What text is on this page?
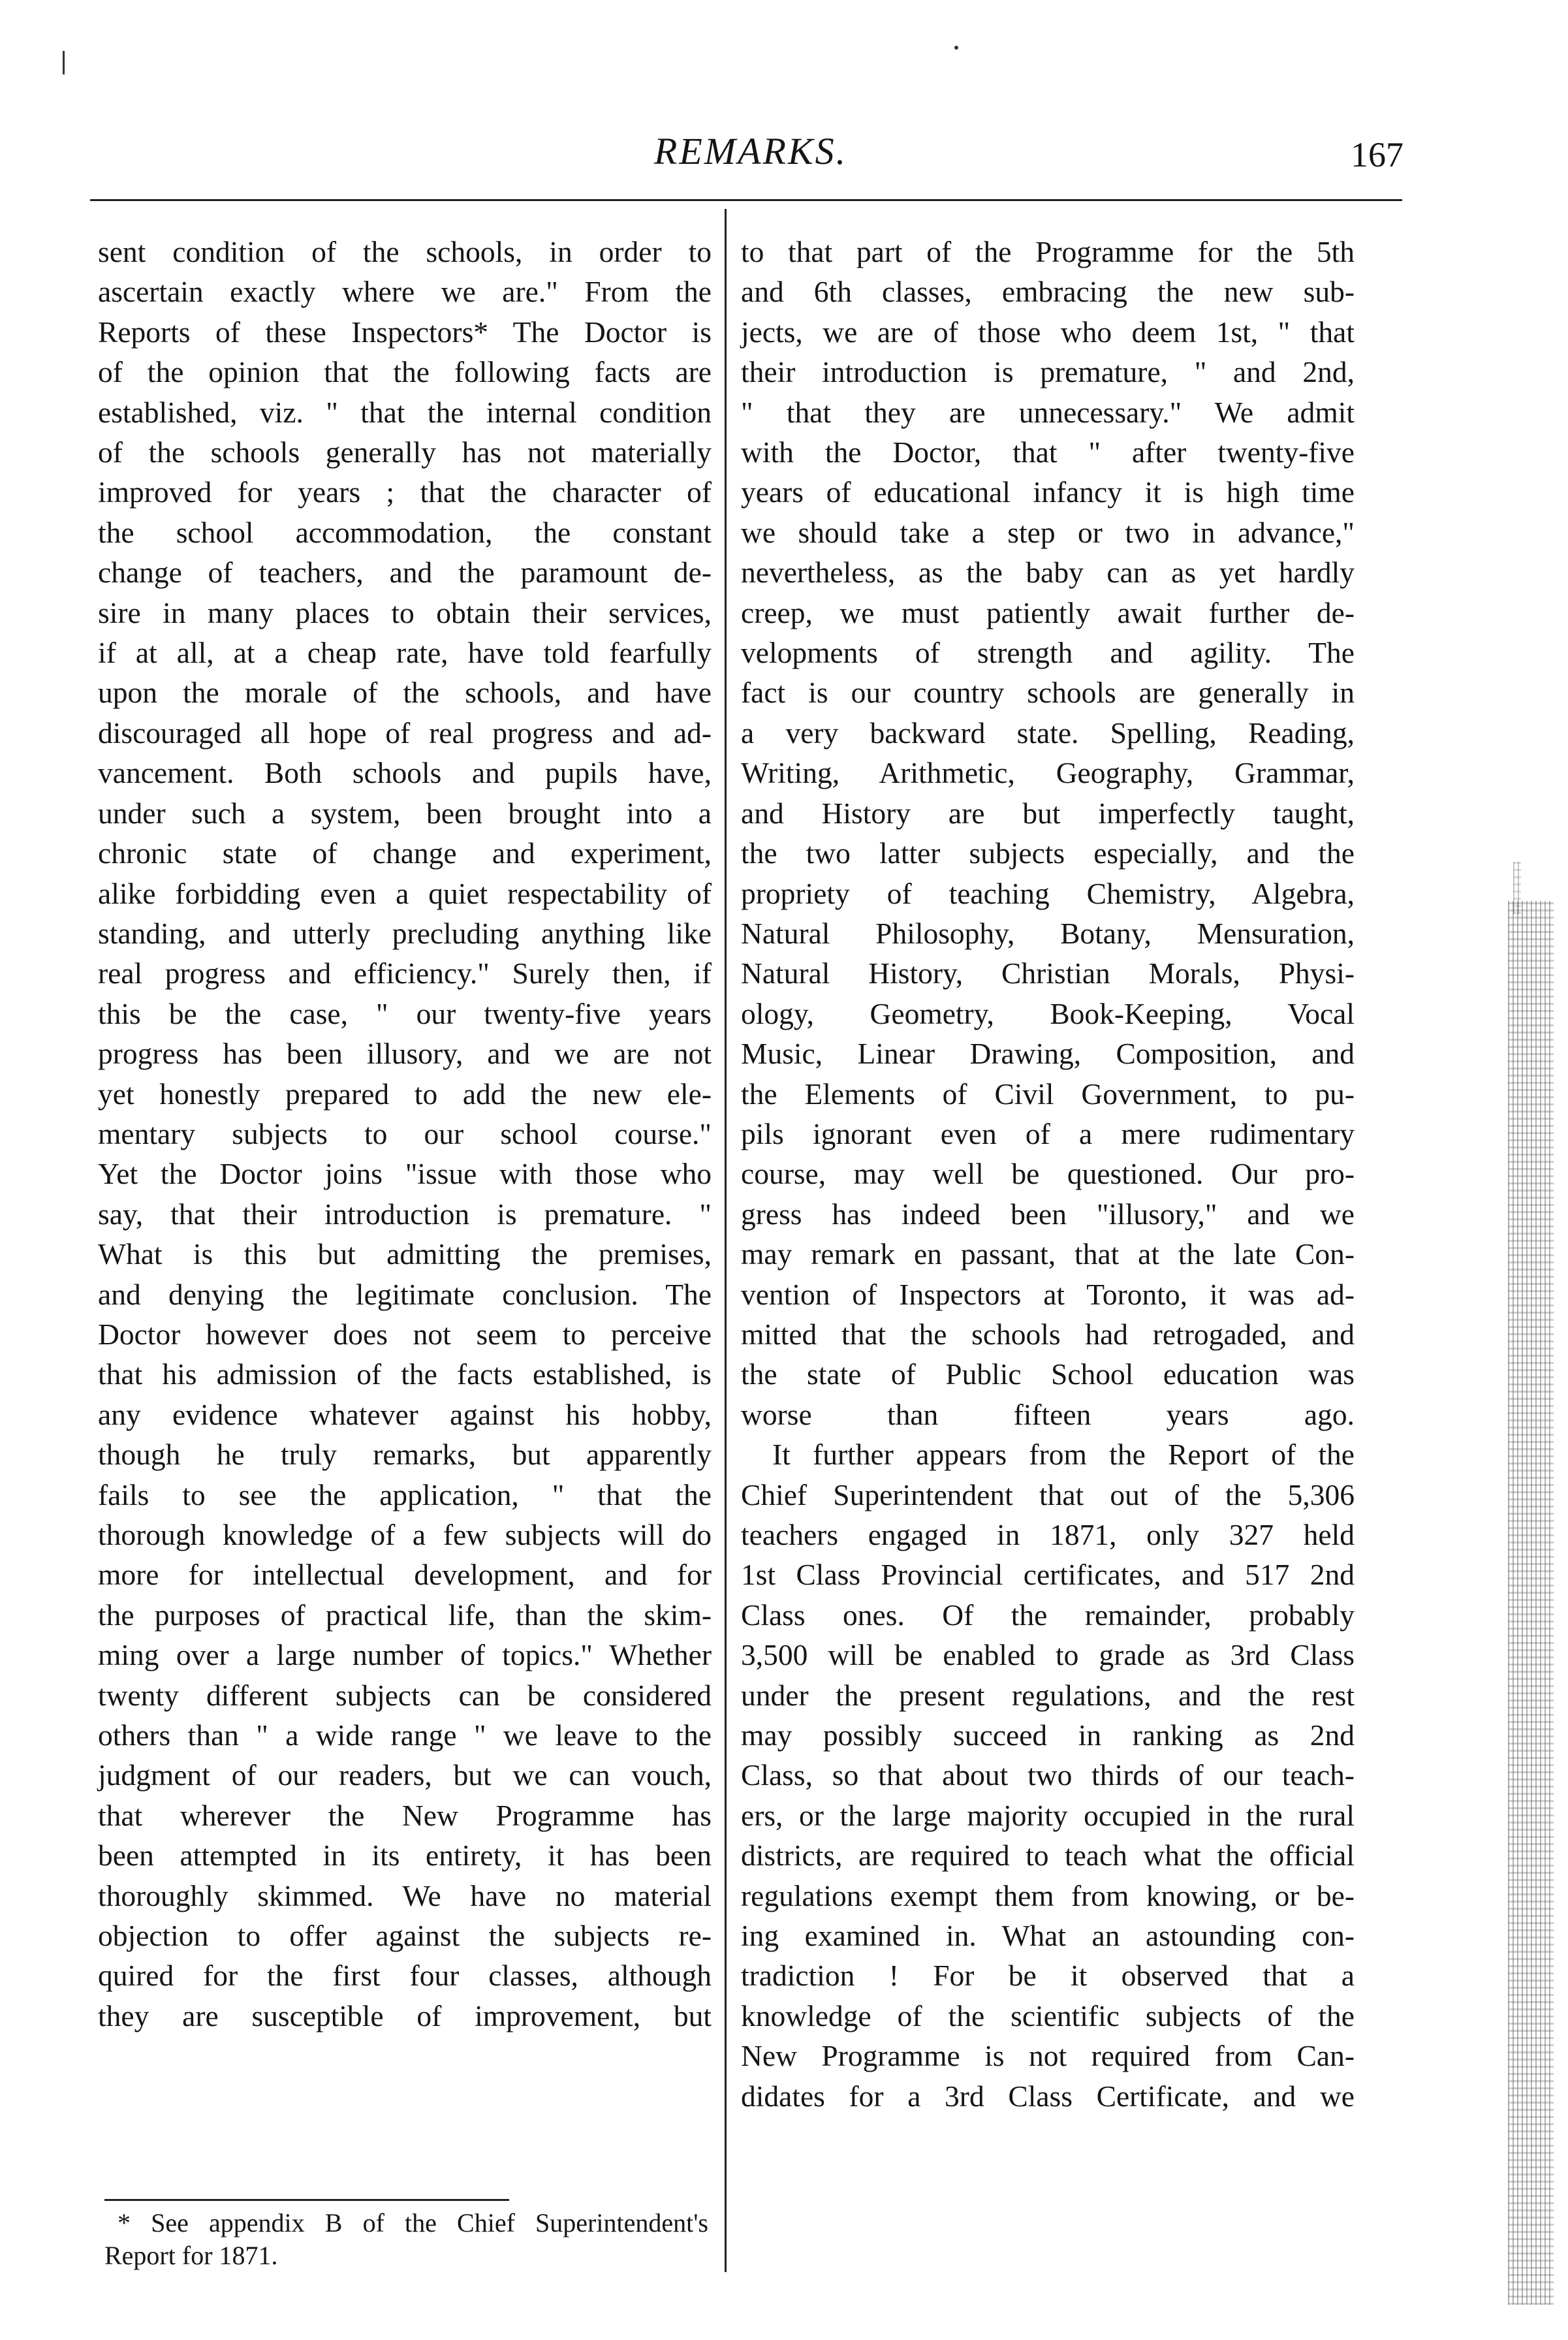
REMARKS.	167
sent condition of the schools, in order to
ascertain exactly where we are." From the
Reports of these Inspectors* The Doctor is
of the opinion that the following facts are
established, viz. " that the internal condition
of the schools generally has not materially
improved for years ; that the character of
the school accommodation, the constant
change of teachers, and the paramount de-
sire in many places to obtain their services,
if at all, at a cheap rate, have told fearfully
upon the morale of the schools, and have
discouraged all hope of real progress and ad-
vancement. Both schools and pupils have,
under such a system, been brought into a
chronic state of change and experiment,
alike forbidding even a quiet respectability of
standing, and utterly precluding anything like
real progress and efficiency." Surely then, if
this be the case, " our twenty-five years
progress has been illusory, and we are not
yet honestly prepared to add the new ele-
mentary subjects to our school course."
Yet the Doctor joins "issue with those who
say, that their introduction is premature. "
What is this but admitting the premises,
and denying the legitimate conclusion. The
Doctor however does not seem to perceive
that his admission of the facts established, is
any evidence whatever against his hobby,
though he truly remarks, but apparently
fails to see the application, " that the
thorough knowledge of a few subjects will do
more for intellectual development, and for
the purposes of practical life, than the skim-
ming over a large number of topics." Whether
twenty different subjects can be considered
others than " a wide range " we leave to the
judgment of our readers, but we can vouch,
that wherever the New Programme has
been attempted in its entirety, it has been
thoroughly skimmed. We have no material
objection to offer against the subjects re-
quired for the first four classes, although
they are susceptible of improvement, but
to that part of the Programme for the 5th
and 6th classes, embracing the new sub-
jects, we are of those who deem 1st, " that
their introduction is premature, " and 2nd,
" that they are unnecessary." We admit
with the Doctor, that " after twenty-five
years of educational infancy it is high time
we should take a step or two in advance,"
nevertheless, as the baby can as yet hardly
creep, we must patiently await further de-
velopments of strength and agility. The
fact is our country schools are generally in
a very backward state. Spelling, Reading,
Writing, Arithmetic, Geography, Grammar,
and History are but imperfectly taught,
the two latter subjects especially, and the
propriety of teaching Chemistry, Algebra,
Natural Philosophy, Botany, Mensuration,
Natural History, Christian Morals, Physi-
ology, Geometry, Book-Keeping, Vocal
Music, Linear Drawing, Composition, and
the Elements of Civil Government, to pu-
pils ignorant even of a mere rudimentary
course, may well be questioned. Our pro-
gress has indeed been "illusory," and we
may remark en passant, that at the late Con-
vention of Inspectors at Toronto, it was ad-
mitted that the schools had retrogaded, and
the state of Public School education was
worse than fifteen years ago.
It further appears from the Report of the
Chief Superintendent that out of the 5,306
teachers engaged in 1871, only 327 held
1st Class Provincial certificates, and 517 2nd
Class ones. Of the remainder, probably
3,500 will be enabled to grade as 3rd Class
under the present regulations, and the rest
may possibly succeed in ranking as 2nd
Class, so that about two thirds of our teach-
ers, or the large majority occupied in the rural
districts, are required to teach what the official
regulations exempt them from knowing, or be-
ing examined in. What an astounding con-
tradiction ! For be it observed that a
knowledge of the scientific subjects of the
New Programme is not required from Can-
didates for a 3rd Class Certificate, and we
* See appendix B of the Chief Superintendent's
Report for 1871.
